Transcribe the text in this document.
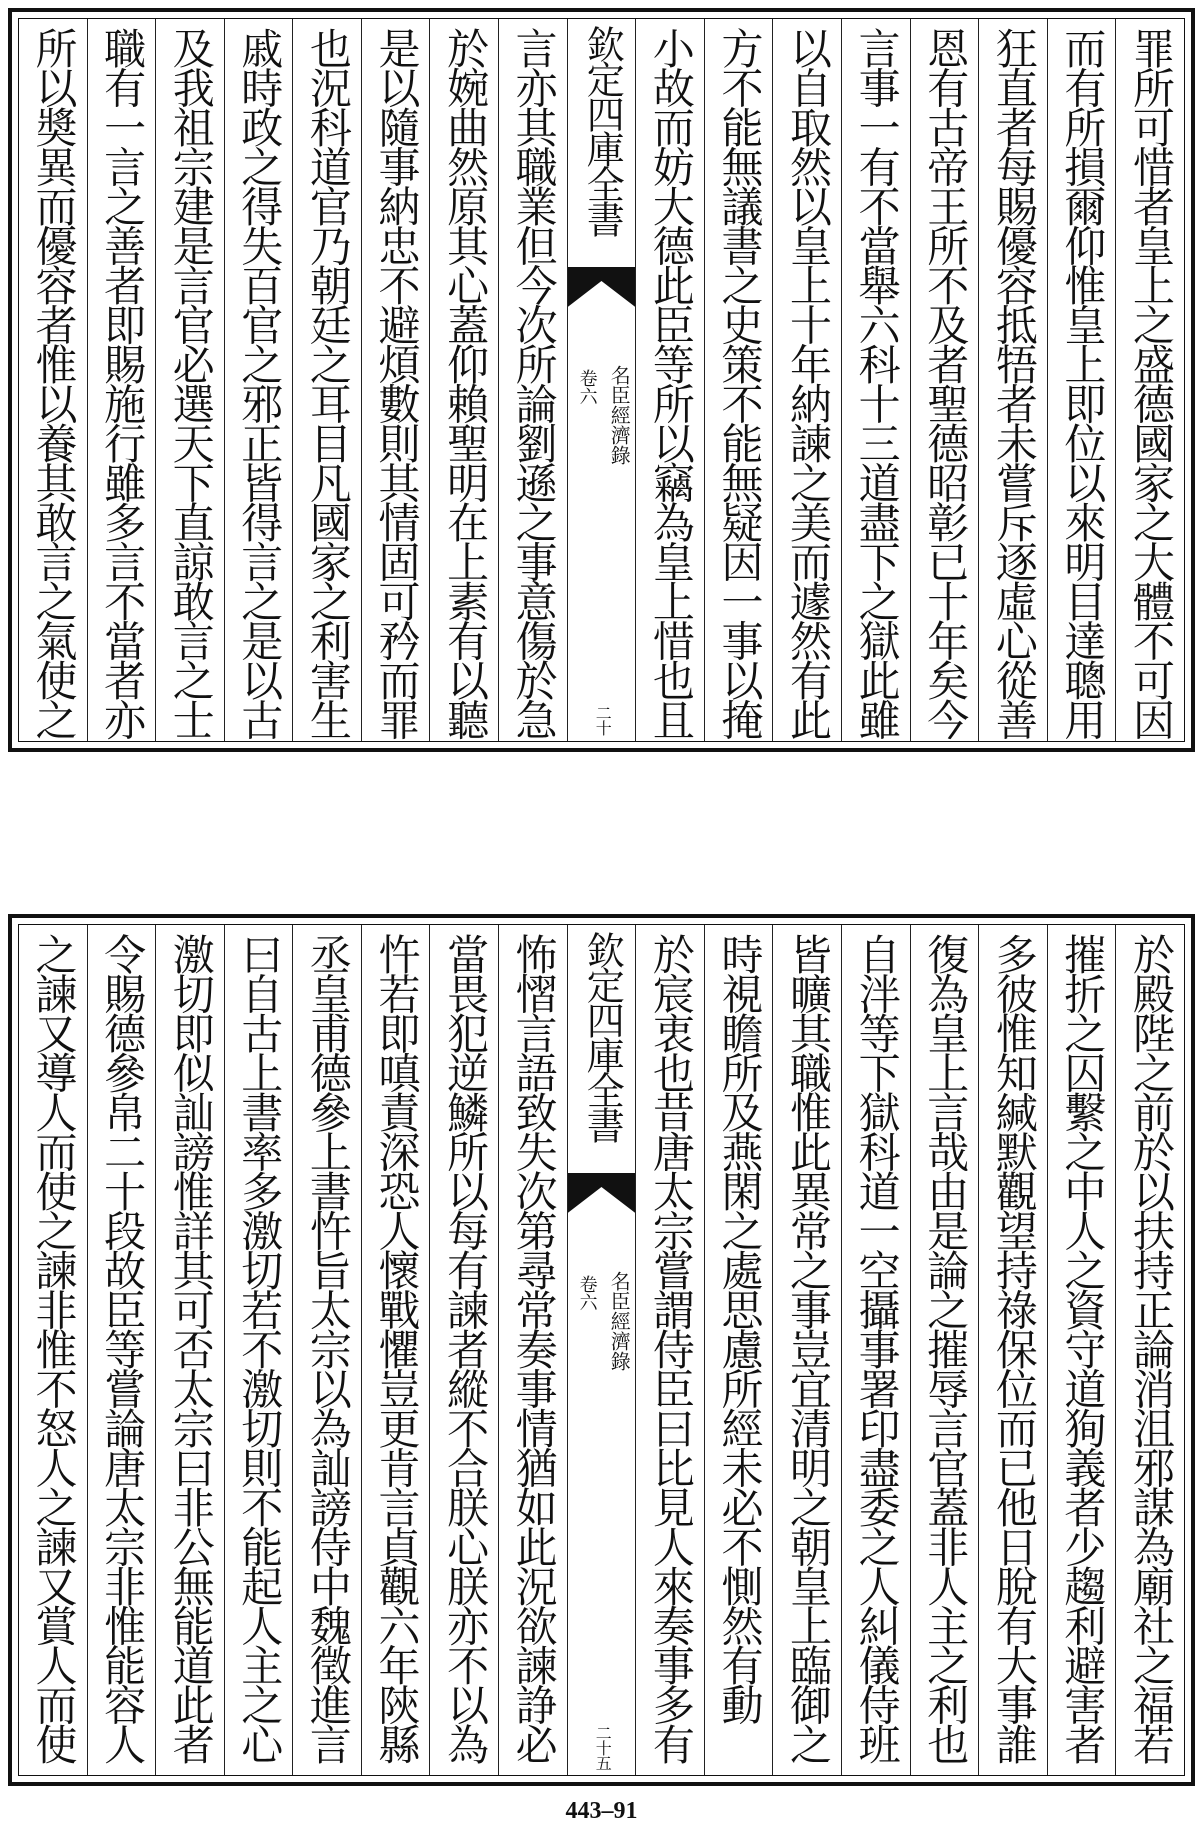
罪所可惜者皇上之盛德國家之大體不可因
而有所損爾仰惟皇上即位以來明目達聰用
狂直者每賜優容抵牾者未嘗斥逐虛心從善
恩有古帝王所不及者聖德昭彰已十年矣今
言事一有不當舉六科十三道盡下之獄此雖
以自取然以皇上十年納諫之美而遽然有此
方不能無議書之史策不能無疑因一事以掩
小故而妨大德此臣等所以竊為皇上惜也且
欽定四庫全書
名臣經濟錄
卷六
二十
言亦其職業但今次所論劉遜之事意傷於急
於婉曲然原其心蓋仰賴聖明在上素有以聽
是以隨事納忠不避煩數則其情固可矜而罪
也況科道官乃朝廷之耳目凡國家之利害生
戚時政之得失百官之邪正皆得言之是以古
及我祖宗建是言官必選天下直諒敢言之士
職有一言之善者即賜施行雖多言不當者亦
所以奬異而優容者惟以養其敢言之氣使之
於殿陛之前於以扶持正論消沮邪謀為廟社之福若
摧折之囚繫之中人之資守道狥義者少趨利避害者
多彼惟知緘默觀望持祿保位而已他日脫有大事誰
復為皇上言哉由是論之摧辱言官蓋非人主之利也
自泮等下獄科道一空攝事署印盡委之人糾儀侍班
皆曠其職惟此異常之事豈宜清明之朝皇上臨御之
時視瞻所及燕閑之處思慮所經未必不惻然有動
於宸衷也昔唐太宗嘗謂侍臣曰比見人來奏事多有
欽定四庫全書
名臣經濟錄
卷六
二十五
怖慴言語致失次第尋常奏事情猶如此況欲諫諍必
當畏犯逆鱗所以每有諫者縱不合朕心朕亦不以為
忤若即嗔責深恐人懷戰懼豈更肯言貞觀六年陝縣
丞皇甫德參上書忤旨太宗以為訕謗侍中魏徵進言
曰自古上書率多激切若不激切則不能起人主之心
激切即似訕謗惟詳其可否太宗曰非公無能道此者
令賜德參帛二十段故臣等嘗論唐太宗非惟能容人
之諫又導人而使之諫非惟不怒人之諫又賞人而使
443–91
